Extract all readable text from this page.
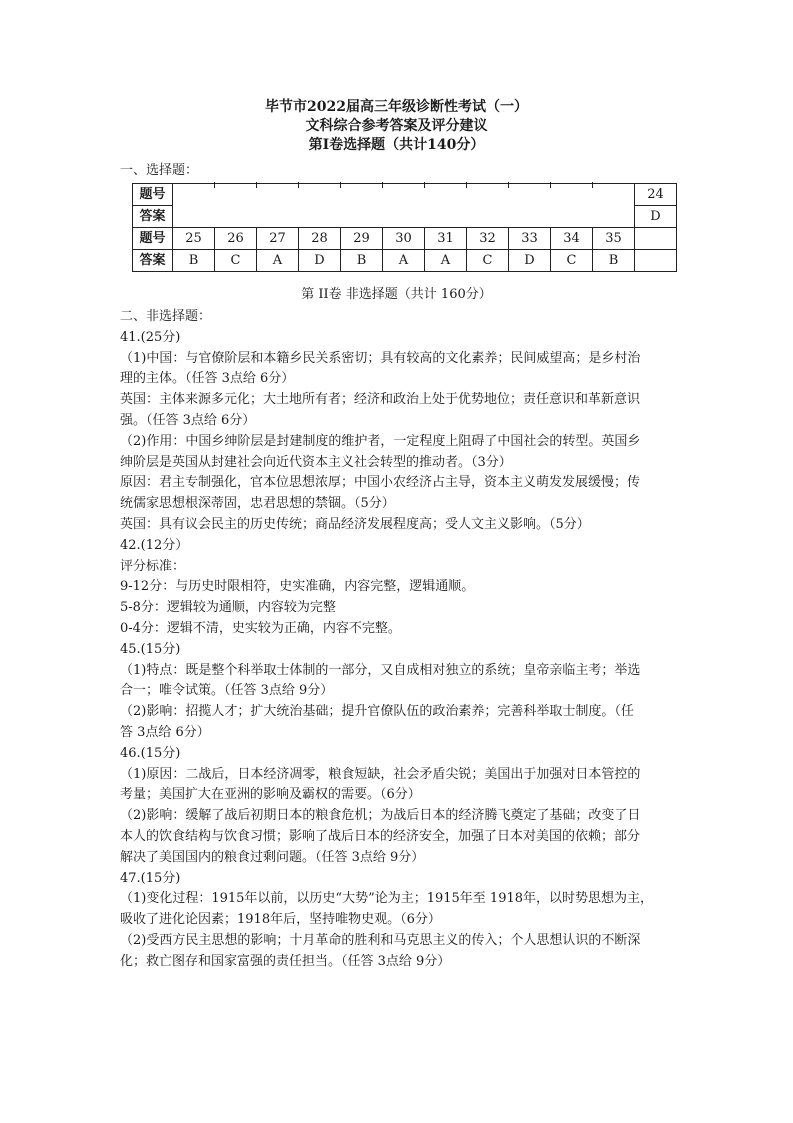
毕节市2022届高三年级诊断性考试（一）
文科综合参考答案及评分建议
第I卷选择题（共计140分）
一、选择题：
题号												24
答案												D
题号	25	26	27	28	29	30	31	32	33	34	35	
答案	B	C	A	D	B	A	A	C	D	C	B	
第 II卷 非选择题（共计 160分）

二、非选择题：

41.(25分)

（1)中国：与官僚阶层和本籍乡民关系密切；具有较高的文化素养；民间威望高；是乡村治

理的主体。（任答 3点给 6分）

英国：主体来源多元化；大土地所有者；经济和政治上处于优势地位；责任意识和革新意识

强。（任答 3点给 6分）

（2)作用：中国乡绅阶层是封建制度的维护者，一定程度上阻碍了中国社会的转型。英国乡

绅阶层是英国从封建社会向近代资本主义社会转型的推动者。（3分）

原因：君主专制强化，官本位思想浓厚；中国小农经济占主导，资本主义萌发发展缓慢；传

统儒家思想根深蒂固，忠君思想的禁锢。（5分）

英国：具有议会民主的历史传统；商品经济发展程度高；受人文主义影响。（5分）

42.(12分）

评分标准：

9-12分：与历史时限相符，史实准确，内容完整，逻辑通顺。

5-8分：逻辑较为通顺，内容较为完整

0-4分：逻辑不清，史实较为正确，内容不完整。

45.(15分)

（1)特点：既是整个科举取士体制的一部分，又自成相对独立的系统；皇帝亲临主考；举选

合一；唯令试策。（任答 3点给 9分）

（2)影响：招揽人才；扩大统治基础；提升官僚队伍的政治素养；完善科举取士制度。（任

答 3点给 6分）

46.(15分)

（1)原因：二战后，日本经济凋零，粮食短缺，社会矛盾尖锐；美国出于加强对日本管控的

考量；美国扩大在亚洲的影响及霸权的需要。（6分）

（2)影响：缓解了战后初期日本的粮食危机；为战后日本的经济腾飞奠定了基础；改变了日

本人的饮食结构与饮食习惯；影响了战后日本的经济安全，加强了日本对美国的依赖；部分

解决了美国国内的粮食过剩问题。（任答 3点给 9分）

47.(15分)

（1)变化过程：1915年以前，以历史“大势”论为主；1915年至 1918年，以时势思想为主，

吸收了进化论因素；1918年后，坚持唯物史观。（6分）

（2)受西方民主思想的影响；十月革命的胜利和马克思主义的传入；个人思想认识的不断深

化；救亡图存和国家富强的责任担当。（任答 3点给 9分）
